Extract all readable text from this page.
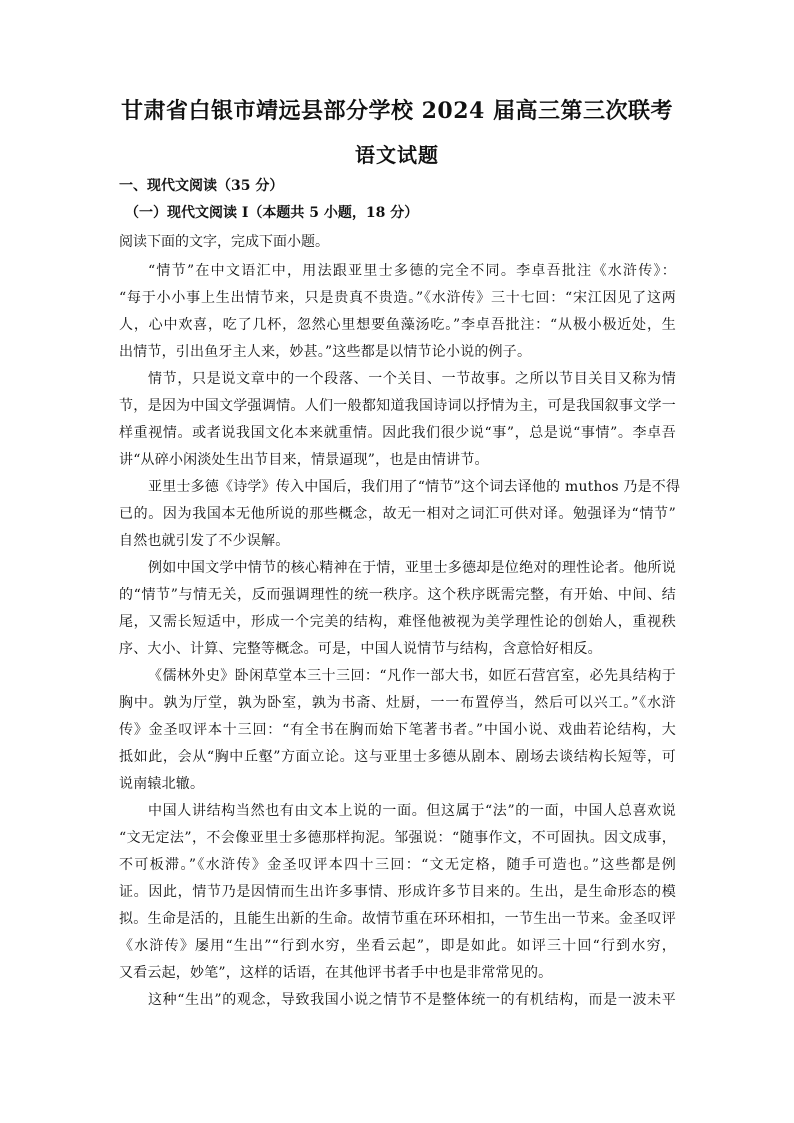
甘肃省白银市靖远县部分学校 2024 届高三第三次联考
语文试题
一、现代文阅读（35 分）
（一）现代文阅读 I（本题共 5 小题，18 分）
阅读下面的文字，完成下面小题。
“情节”在中文语汇中，用法跟亚里士多德的完全不同。李卓吾批注《水浒传》：
“每于小小事上生出情节来，只是贵真不贵造。”《水浒传》三十七回：“宋江因见了这两
人，心中欢喜，吃了几杯，忽然心里想要鱼藻汤吃。”李卓吾批注：“从极小极近处，生
出情节，引出鱼牙主人来，妙甚。”这些都是以情节论小说的例子。
情节，只是说文章中的一个段落、一个关目、一节故事。之所以节目关目又称为情
节，是因为中国文学强调情。人们一般都知道我国诗词以抒情为主，可是我国叙事文学一
样重视情。或者说我国文化本来就重情。因此我们很少说“事”，总是说“事情”。李卓吾
讲“从碎小闲淡处生出节目来，情景逼现”，也是由情讲节。
亚里士多德《诗学》传入中国后，我们用了“情节”这个词去译他的 muthos 乃是不得
已的。因为我国本无他所说的那些概念，故无一相对之词汇可供对译。勉强译为“情节”
自然也就引发了不少误解。
例如中国文学中情节的核心精神在于情，亚里士多德却是位绝对的理性论者。他所说
的“情节”与情无关，反而强调理性的统一秩序。这个秩序既需完整，有开始、中间、结
尾，又需长短适中，形成一个完美的结构，难怪他被视为美学理性论的创始人，重视秩
序、大小、计算、完整等概念。可是，中国人说情节与结构，含意恰好相反。
《儒林外史》卧闲草堂本三十三回：“凡作一部大书，如匠石营宫室，必先具结构于
胸中。孰为厅堂，孰为卧室，孰为书斋、灶厨，一一布置停当，然后可以兴工。”《水浒
传》金圣叹评本十三回：“有全书在胸而始下笔著书者。”中国小说、戏曲若论结构，大
抵如此，会从“胸中丘壑”方面立论。这与亚里士多德从剧本、剧场去谈结构长短等，可
说南辕北辙。
中国人讲结构当然也有由文本上说的一面。但这属于“法”的一面，中国人总喜欢说
“文无定法”，不会像亚里士多德那样拘泥。邹强说：“随事作文，不可固执。因文成事，
不可板滞。”《水浒传》金圣叹评本四十三回：“文无定格，随手可造也。”这些都是例
证。因此，情节乃是因情而生出许多事情、形成许多节目来的。生出，是生命形态的模
拟。生命是活的，且能生出新的生命。故情节重在环环相扣，一节生出一节来。金圣叹评
《水浒传》屡用“生出”“行到水穷，坐看云起”，即是如此。如评三十回“行到水穷，
又看云起，妙笔”，这样的话语，在其他评书者手中也是非常常见的。
这种“生出”的观念，导致我国小说之情节不是整体统一的有机结构，而是一波未平
